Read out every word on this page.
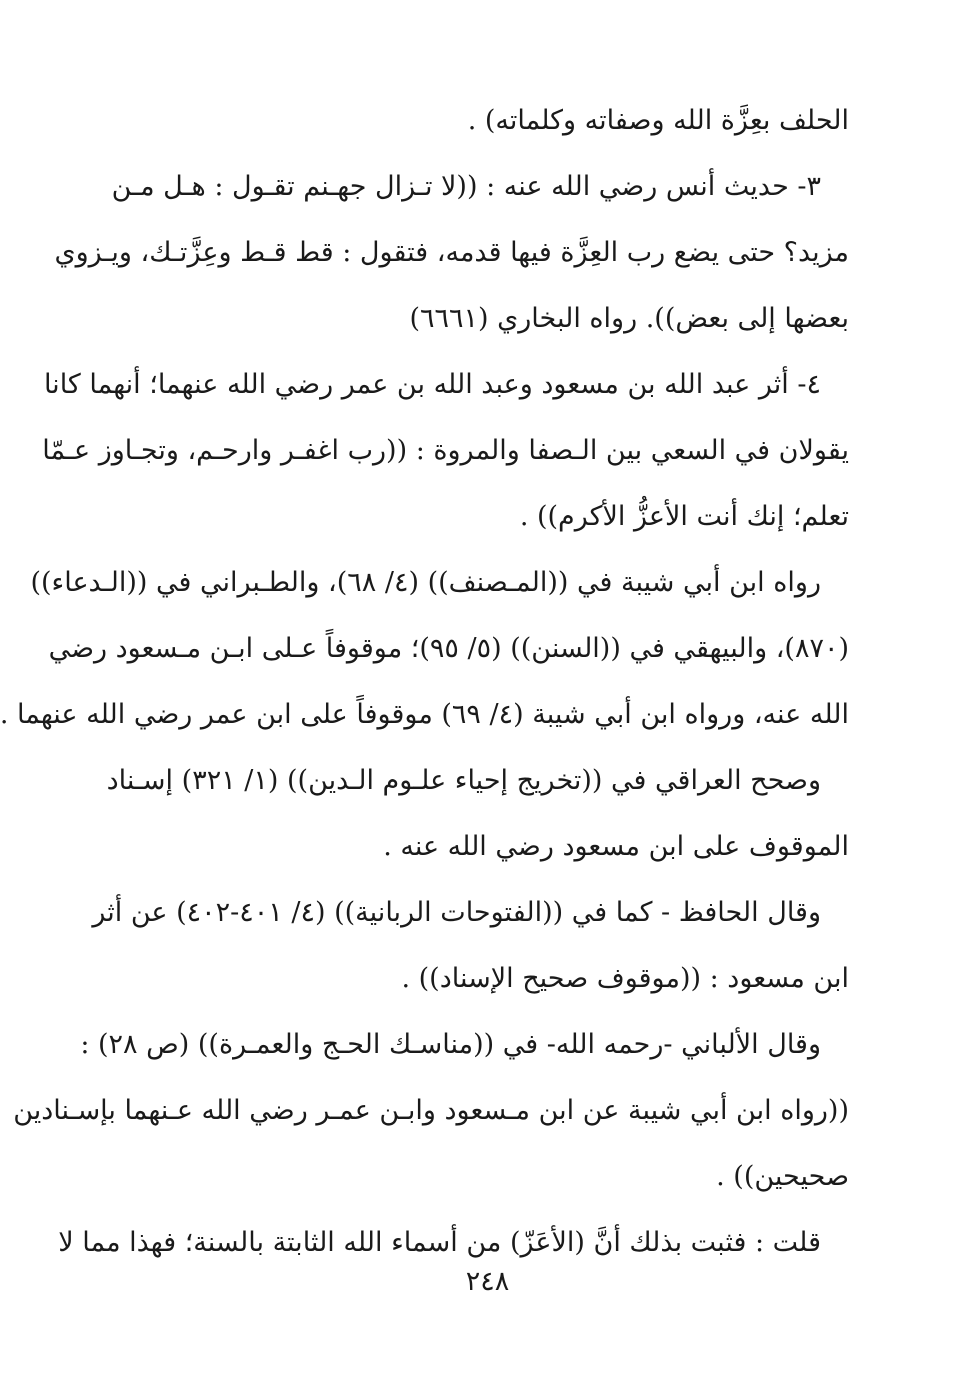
الحلف بعِزَّة الله وصفاته وكلماته) .
٣- حديث أنس رضي الله عنه : ((لا تـزال جهـنم تقـول : هـل مـن
مزيد؟ حتى يضع رب العِزَّة فيها قدمه، فتقول : قط قـط وعِزَّتـك، ويـزوي
بعضها إلى بعض)). رواه البخاري (٦٦٦١)
٤- أثر عبد الله بن مسعود وعبد الله بن عمر رضي الله عنهما؛ أنهما كانا
يقولان في السعي بين الـصفا والمروة : ((رب اغفـر وارحـم، وتجـاوز عـمّا
تعلم؛ إنك أنت الأعزُّ الأكرم)) .
رواه ابن أبي شيبة في ((المـصنف)) (٤/ ٦٨)، والطـبراني في ((الـدعاء))
(٨٧٠)، والبيهقي في ((السنن)) (٥/ ٩٥)؛ موقوفاً عـلى ابـن مـسعود رضي
الله عنه، ورواه ابن أبي شيبة (٤/ ٦٩) موقوفاً على ابن عمر رضي الله عنهما .
وصحح العراقي في ((تخريج إحياء علـوم الـدين)) (١/ ٣٢١) إسـناد
الموقوف على ابن مسعود رضي الله عنه .
وقال الحافظ - كما في ((الفتوحات الربانية)) (٤/ ٤٠١-٤٠٢) عن أثر
ابن مسعود : ((موقوف صحيح الإسناد)) .
وقال الألباني -رحمه الله- في ((مناسـك الحـج والعمـرة)) (ص ٢٨) :
((رواه ابن أبي شيبة عن ابن مـسعود وابـن عمـر رضي الله عـنهما بإسـنادين
صحيحين)) .
قلت : فثبت بذلك أنَّ (الأعَزّ) من أسماء الله الثابتة بالسنة؛ فهذا مما لا
٢٤٨
